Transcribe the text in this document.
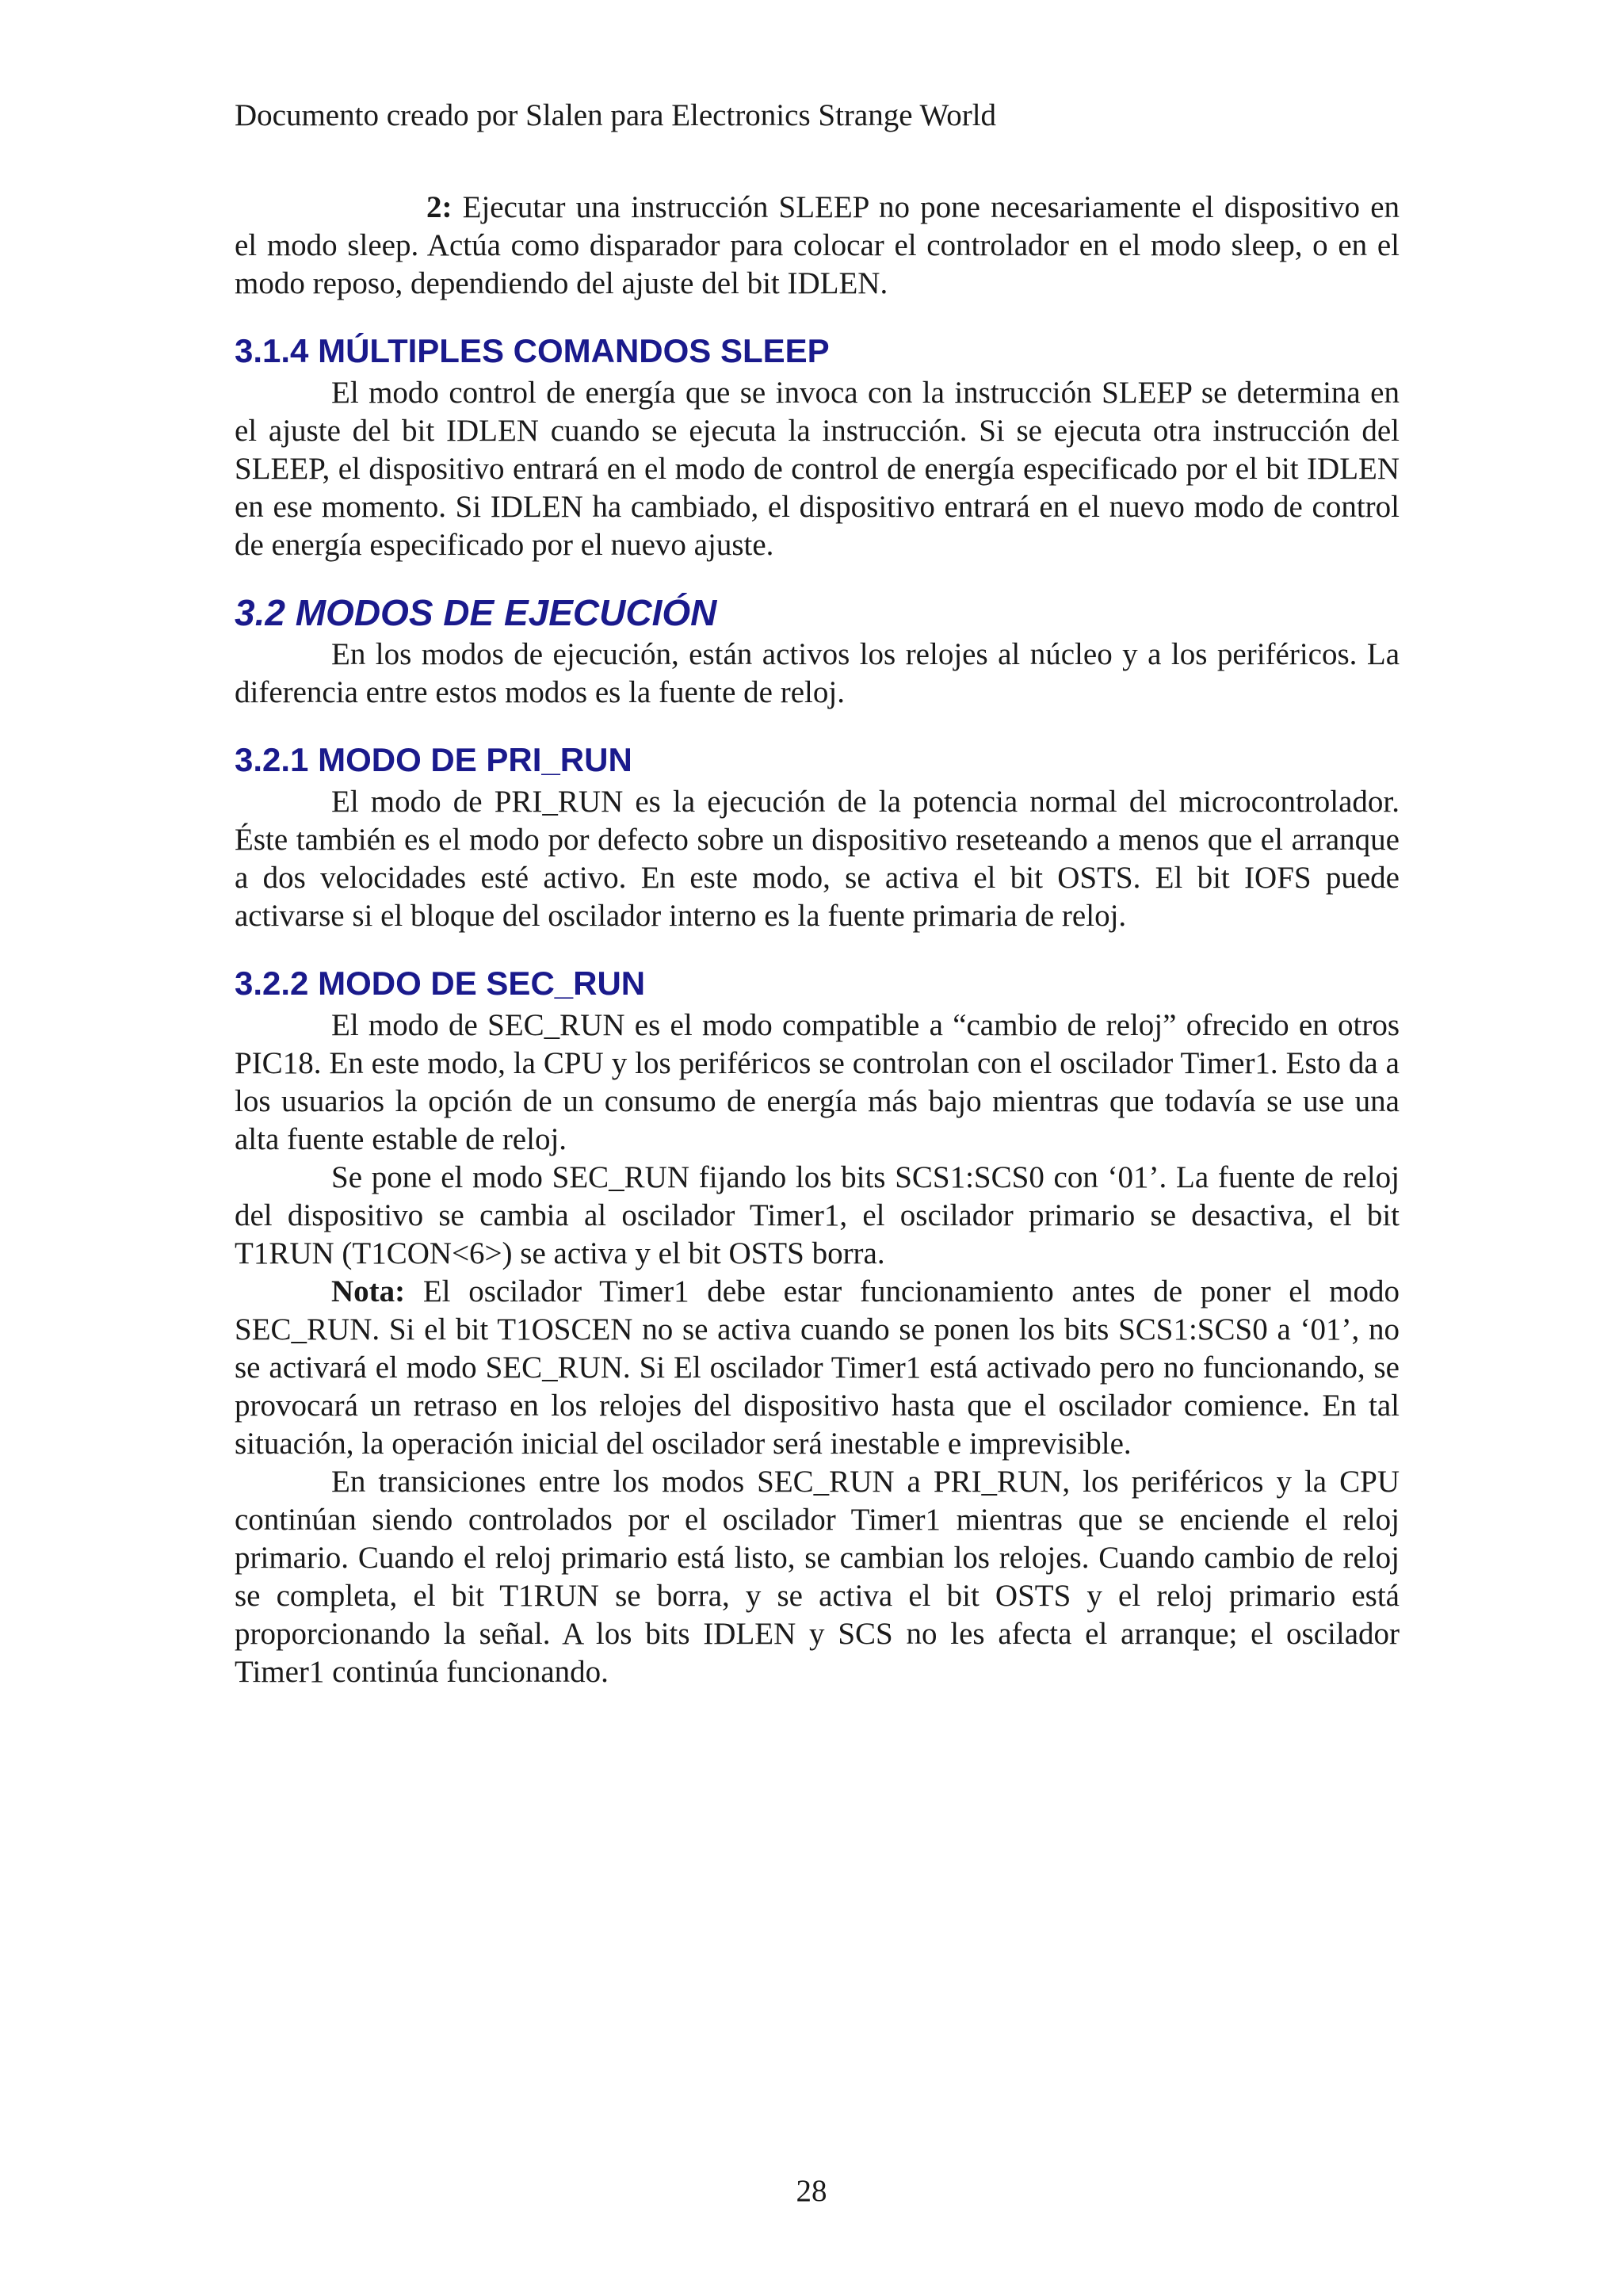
Documento creado por Slalen para Electronics Strange World

2: Ejecutar una instrucción SLEEP no pone necesariamente el dispositivo en el modo sleep. Actúa como disparador para colocar el controlador en el modo sleep, o en el modo reposo, dependiendo del ajuste del bit IDLEN.

3.1.4 MÚLTIPLES COMANDOS SLEEP

El modo control de energía que se invoca con la instrucción SLEEP se determina en el ajuste del bit IDLEN cuando se ejecuta la instrucción. Si se ejecuta otra instrucción del SLEEP, el dispositivo entrará en el modo de control de energía especificado por el bit IDLEN en ese momento. Si IDLEN ha cambiado, el dispositivo entrará en el nuevo modo de control de energía especificado por el nuevo ajuste.

3.2 MODOS DE EJECUCIÓN

En los modos de ejecución, están activos los relojes al núcleo y a los periféricos. La diferencia entre estos modos es la fuente de reloj.

3.2.1 MODO DE PRI_RUN

El modo de PRI_RUN es la ejecución de la potencia normal del microcontrolador. Éste también es el modo por defecto sobre un dispositivo reseteando a menos que el arranque a dos velocidades esté activo. En este modo, se activa el bit OSTS. El bit IOFS puede activarse si el bloque del oscilador interno es la fuente primaria de reloj.

3.2.2 MODO DE SEC_RUN

El modo de SEC_RUN es el modo compatible a “cambio de reloj” ofrecido en otros PIC18. En este modo, la CPU y los periféricos se controlan con el oscilador Timer1. Esto da a los usuarios la opción de un consumo de energía más bajo mientras que todavía se use una alta fuente estable de reloj.

Se pone el modo SEC_RUN fijando los bits SCS1:SCS0 con ‘01’. La fuente de reloj del dispositivo se cambia al oscilador Timer1, el oscilador primario se desactiva, el bit T1RUN (T1CON<6>) se activa y el bit OSTS borra.

Nota: El oscilador Timer1 debe estar funcionamiento antes de poner el modo SEC_RUN. Si el bit T1OSCEN no se activa cuando se ponen los bits SCS1:SCS0 a ‘01’, no se activará el modo SEC_RUN. Si El oscilador Timer1 está activado pero no funcionando, se provocará un retraso en los relojes del dispositivo hasta que el oscilador comience. En tal situación, la operación inicial del oscilador será inestable e imprevisible.

En transiciones entre los modos SEC_RUN a PRI_RUN, los periféricos y la CPU continúan siendo controlados por el oscilador Timer1 mientras que se enciende el reloj primario. Cuando el reloj primario está listo, se cambian los relojes. Cuando cambio de reloj se completa, el bit T1RUN se borra, y se activa el bit OSTS y el reloj primario está proporcionando la señal. A los bits IDLEN y SCS no les afecta el arranque; el oscilador Timer1 continúa funcionando.

28
